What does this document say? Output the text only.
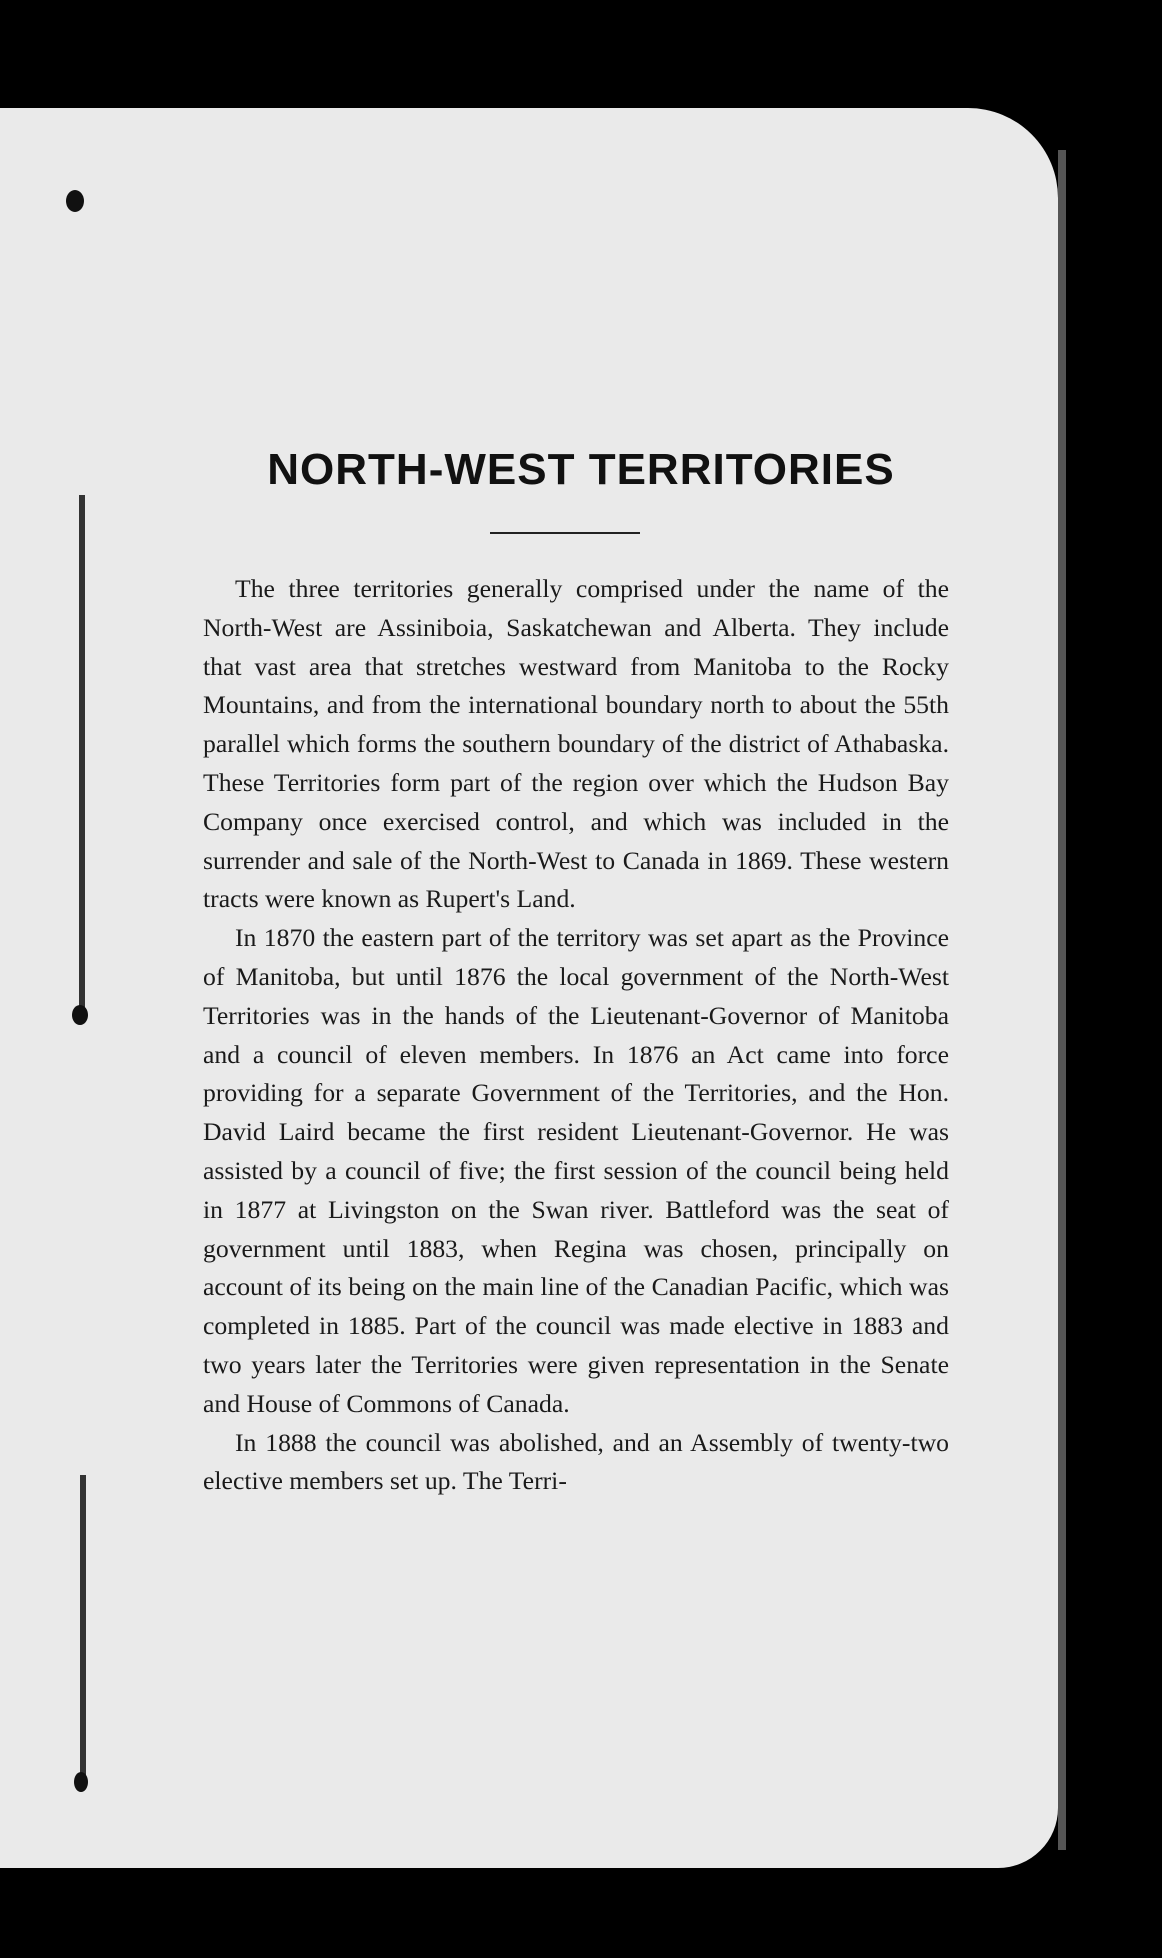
NORTH-WEST TERRITORIES

The three territories generally comprised under the name of the North-West are Assiniboia, Saskatchewan and Alberta. They include that vast area that stretches westward from Manitoba to the Rocky Mountains, and from the international boundary north to about the 55th parallel which forms the southern boundary of the district of Athabaska. These Territories form part of the region over which the Hudson Bay Company once exercised control, and which was included in the surrender and sale of the North-West to Canada in 1869. These western tracts were known as Rupert's Land.

In 1870 the eastern part of the territory was set apart as the Province of Manitoba, but until 1876 the local government of the North-West Territories was in the hands of the Lieutenant-Governor of Manitoba and a council of eleven members. In 1876 an Act came into force providing for a separate Government of the Territories, and the Hon. David Laird became the first resident Lieutenant-Governor. He was assisted by a council of five; the first session of the council being held in 1877 at Livingston on the Swan river. Battleford was the seat of government until 1883, when Regina was chosen, principally on account of its being on the main line of the Canadian Pacific, which was completed in 1885. Part of the council was made elective in 1883 and two years later the Territories were given representation in the Senate and House of Commons of Canada.

In 1888 the council was abolished, and an Assembly of twenty-two elective members set up. The Terri-
